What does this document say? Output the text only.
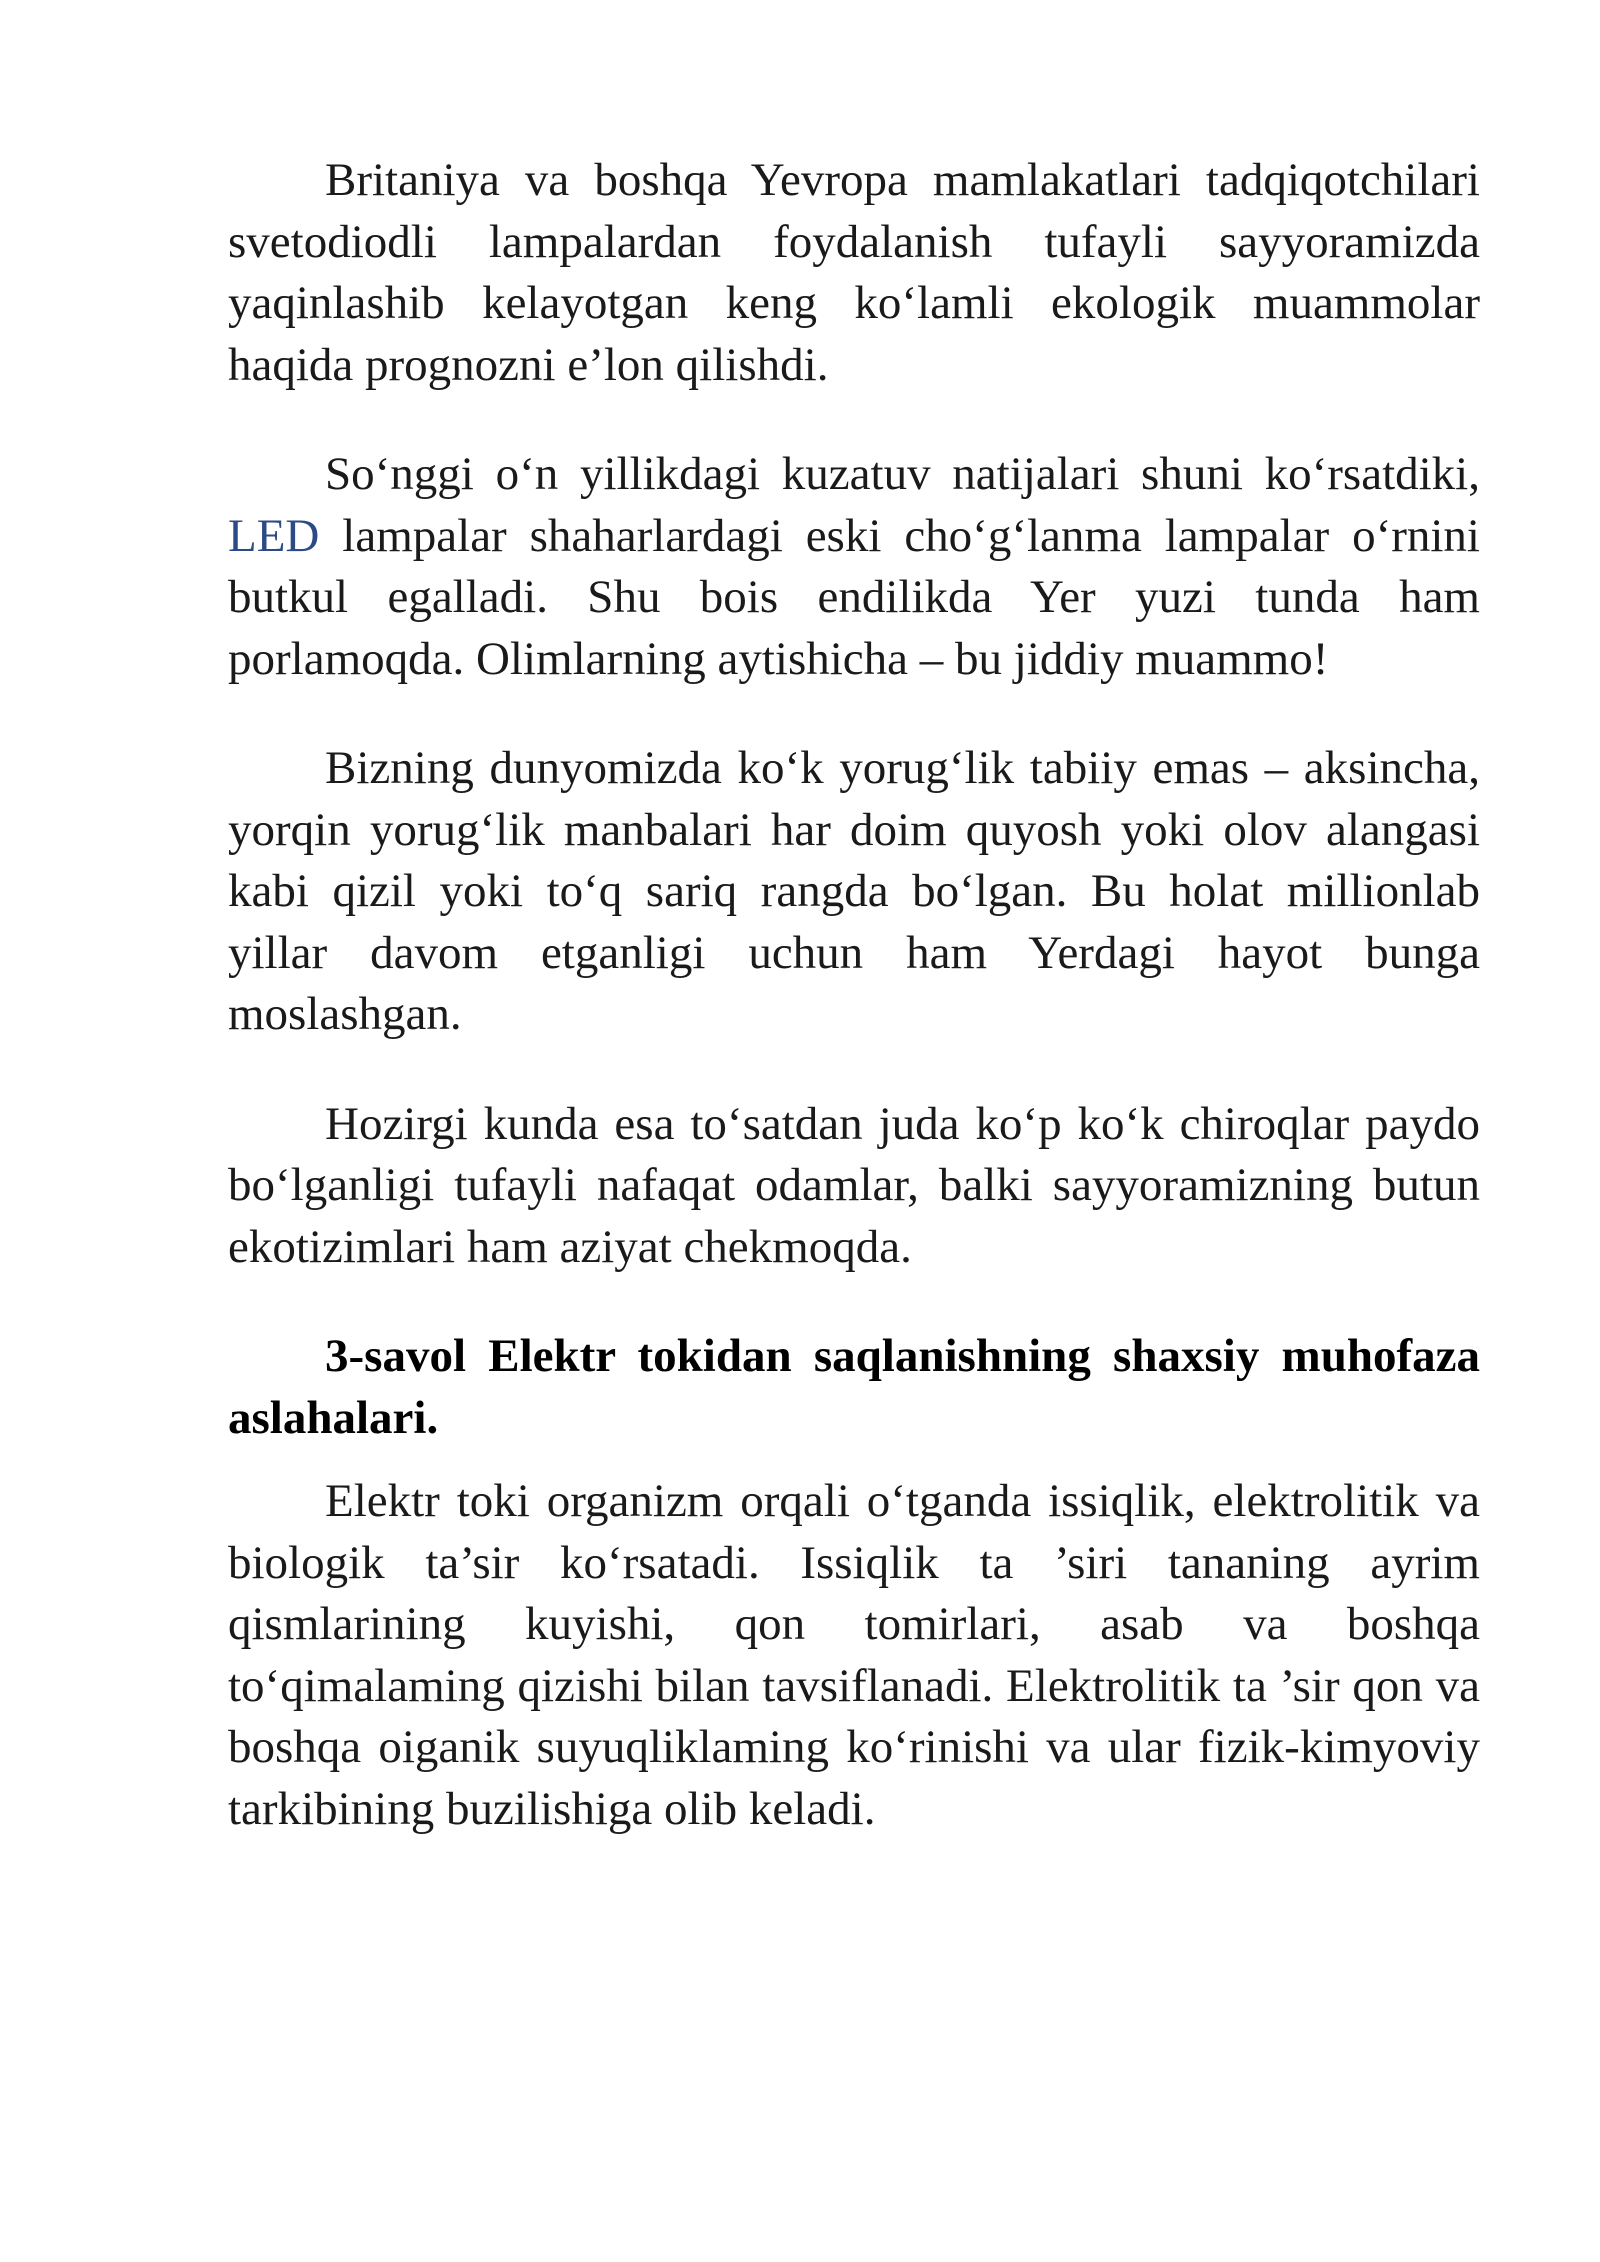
Britaniya va boshqa Yevropa mamlakatlari tadqiqotchilari svetodiodli lampalardan foydalanish tufayli sayyoramizda yaqinlashib kelayotgan keng ko‘lamli ekologik muammolar haqida prognozni e’lon qilishdi.

So‘nggi o‘n yillikdagi kuzatuv natijalari shuni ko‘rsatdiki, LED lampalar shaharlardagi eski cho‘g‘lanma lampalar o‘rnini butkul egalladi. Shu bois endilikda Yer yuzi tunda ham porlamoqda. Olimlarning aytishicha – bu jiddiy muammo!

Bizning dunyomizda ko‘k yorug‘lik tabiiy emas – aksincha, yorqin yorug‘lik manbalari har doim quyosh yoki olov alangasi kabi qizil yoki to‘q sariq rangda bo‘lgan. Bu holat millionlab yillar davom etganligi uchun ham Yerdagi hayot bunga moslashgan.

Hozirgi kunda esa to‘satdan juda ko‘p ko‘k chiroqlar paydo bo‘lganligi tufayli nafaqat odamlar, balki sayyoramizning butun ekotizimlari ham aziyat chekmoqda.

3-savol Elektr tokidan saqlanishning shaxsiy muhofaza aslahalari.

Elektr toki organizm orqali o‘tganda issiqlik, elektrolitik va biologik ta’sir ko‘rsatadi. Issiqlik ta ’siri tananing ayrim qismlarining kuyishi, qon tomirlari, asab va boshqa to‘qimalaming qizishi bilan tavsiflanadi. Elektrolitik ta ’sir qon va boshqa oiganik suyuqliklaming ko‘rinishi va ular fizik-kimyoviy tarkibining buzilishiga olib keladi.
